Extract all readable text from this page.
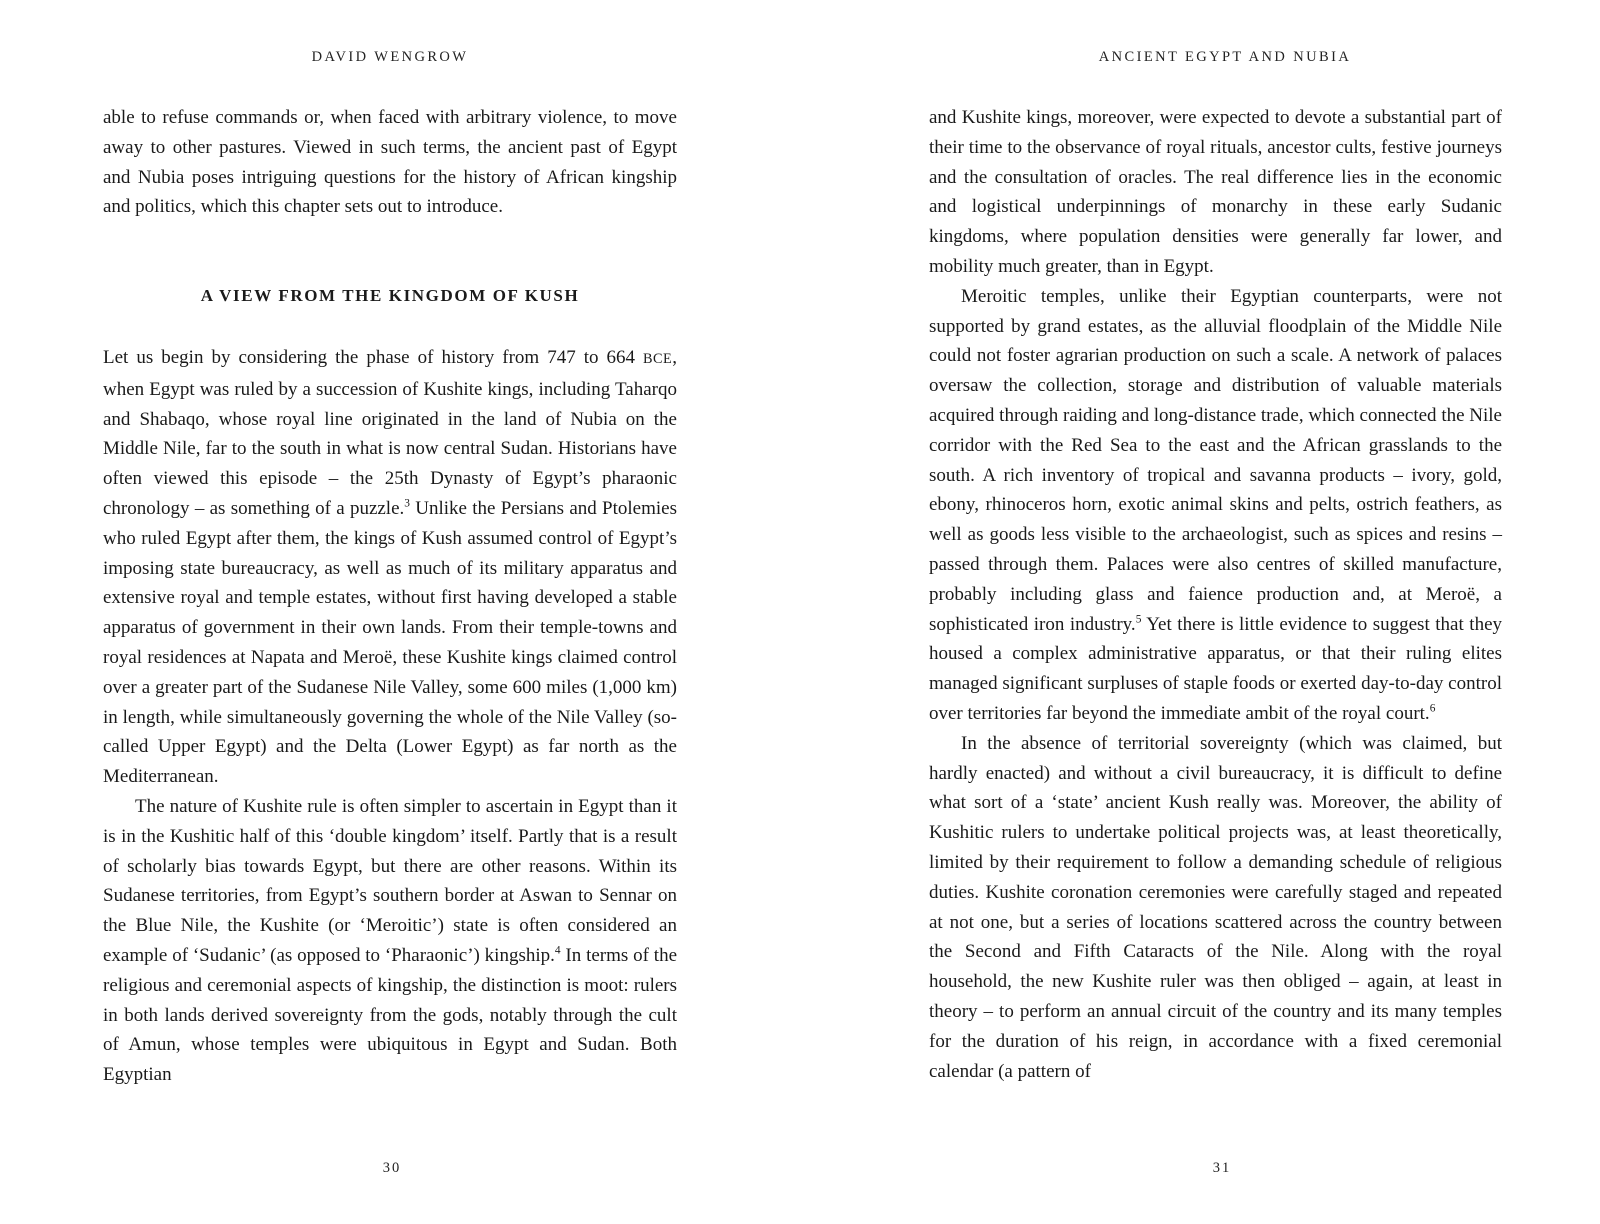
DAVID WENGROW

able to refuse commands or, when faced with arbitrary violence, to move away to other pastures. Viewed in such terms, the ancient past of Egypt and Nubia poses intriguing questions for the history of African kingship and politics, which this chapter sets out to introduce.

A VIEW FROM THE KINGDOM OF KUSH

Let us begin by considering the phase of history from 747 to 664 BCE, when Egypt was ruled by a succession of Kushite kings, including Taharqo and Shabaqo, whose royal line originated in the land of Nubia on the Middle Nile, far to the south in what is now central Sudan. Historians have often viewed this episode – the 25th Dynasty of Egypt’s pharaonic chronology – as something of a puzzle.$^3$ Unlike the Persians and Ptolemies who ruled Egypt after them, the kings of Kush assumed control of Egypt’s imposing state bureaucracy, as well as much of its military apparatus and extensive royal and temple estates, without first having developed a stable apparatus of government in their own lands. From their temple-towns and royal residences at Napata and Meroë, these Kushite kings claimed control over a greater part of the Sudanese Nile Valley, some 600 miles (1,000 km) in length, while simultaneously governing the whole of the Nile Valley (so-called Upper Egypt) and the Delta (Lower Egypt) as far north as the Mediterranean.

The nature of Kushite rule is often simpler to ascertain in Egypt than it is in the Kushitic half of this ‘double kingdom’ itself. Partly that is a result of scholarly bias towards Egypt, but there are other reasons. Within its Sudanese territories, from Egypt’s southern border at Aswan to Sennar on the Blue Nile, the Kushite (or ‘Meroitic’) state is often considered an example of ‘Sudanic’ (as opposed to ‘Pharaonic’) kingship.$^4$ In terms of the religious and ceremonial aspects of kingship, the distinction is moot: rulers in both lands derived sovereignty from the gods, notably through the cult of Amun, whose temples were ubiquitous in Egypt and Sudan. Both Egyptian

30
ANCIENT EGYPT AND NUBIA

and Kushite kings, moreover, were expected to devote a substantial part of their time to the observance of royal rituals, ancestor cults, festive journeys and the consultation of oracles. The real difference lies in the economic and logistical underpinnings of monarchy in these early Sudanic kingdoms, where population densities were generally far lower, and mobility much greater, than in Egypt.

Meroitic temples, unlike their Egyptian counterparts, were not supported by grand estates, as the alluvial floodplain of the Middle Nile could not foster agrarian production on such a scale. A network of palaces oversaw the collection, storage and distribution of valuable materials acquired through raiding and long-distance trade, which connected the Nile corridor with the Red Sea to the east and the African grasslands to the south. A rich inventory of tropical and savanna products – ivory, gold, ebony, rhinoceros horn, exotic animal skins and pelts, ostrich feathers, as well as goods less visible to the archaeologist, such as spices and resins – passed through them. Palaces were also centres of skilled manufacture, probably including glass and faience production and, at Meroë, a sophisticated iron industry.$^5$ Yet there is little evidence to suggest that they housed a complex administrative apparatus, or that their ruling elites managed significant surpluses of staple foods or exerted day-to-day control over territories far beyond the immediate ambit of the royal court.$^6$

In the absence of territorial sovereignty (which was claimed, but hardly enacted) and without a civil bureaucracy, it is difficult to define what sort of a ‘state’ ancient Kush really was. Moreover, the ability of Kushitic rulers to undertake political projects was, at least theoretically, limited by their requirement to follow a demanding schedule of religious duties. Kushite coronation ceremonies were carefully staged and repeated at not one, but a series of locations scattered across the country between the Second and Fifth Cataracts of the Nile. Along with the royal household, the new Kushite ruler was then obliged – again, at least in theory – to perform an annual circuit of the country and its many temples for the duration of his reign, in accordance with a fixed ceremonial calendar (a pattern of

31
